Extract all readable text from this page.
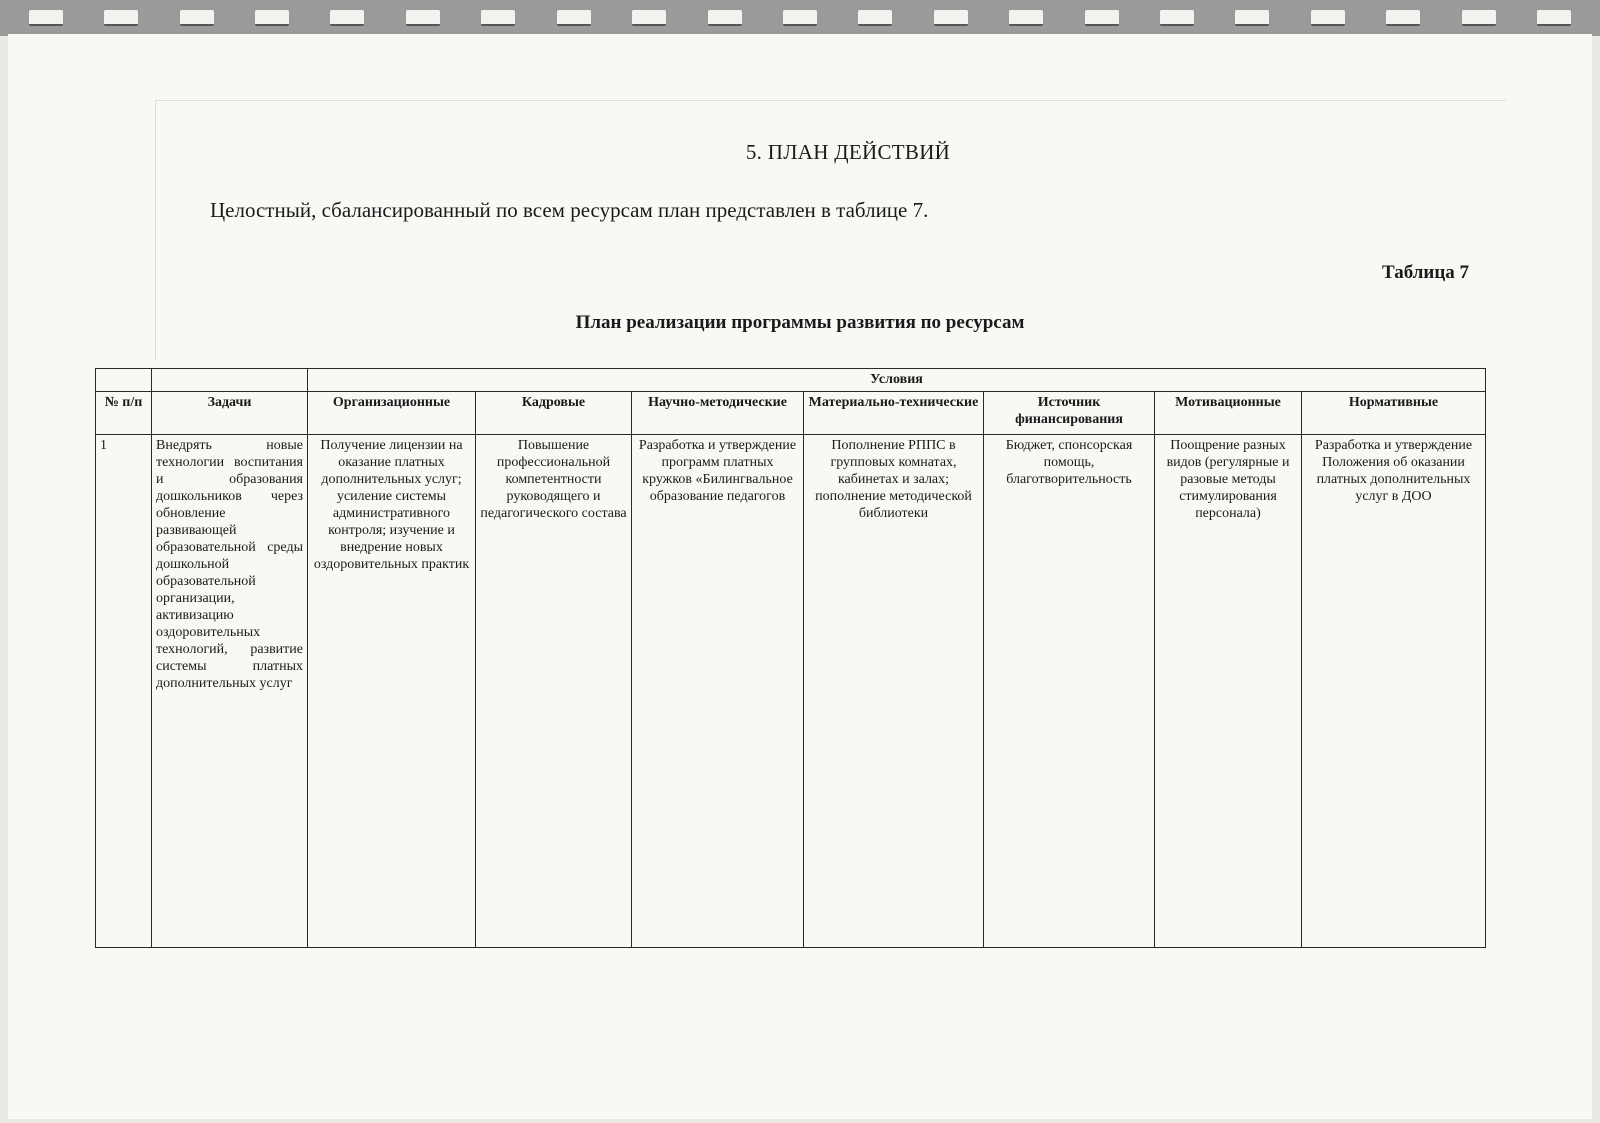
5. ПЛАН ДЕЙСТВИЙ
Целостный, сбалансированный по всем ресурсам план представлен в таблице 7.
Таблица 7
План реализации программы развития по ресурсам
		Условия						
№ п/п	Задачи	Организационные	Кадровые	Научно-методические	Материально-технические	Источник финансирования	Мотивационные	Нормативные
1	Внедрять новые технологии воспитания и образования дошкольников через обновление развивающей образовательной среды дошкольной образовательной организации, активизацию оздоровительных технологий, развитие системы платных дополнительных услуг	Получение лицензии на оказание платных дополнительных услуг; усиление системы административного контроля; изучение и внедрение новых оздоровительных практик	Повышение профессиональной компетентности руководящего и педагогического состава	Разработка и утверждение программ платных кружков «Билингвальное образование педагогов	Пополнение РППС в групповых комнатах, кабинетах и залах; пополнение методической библиотеки	Бюджет, спонсорская помощь, благотворительность	Поощрение разных видов (регулярные и разовые методы стимулирования персонала)	Разработка и утверждение Положения об оказании платных дополнительных услуг в ДОО
